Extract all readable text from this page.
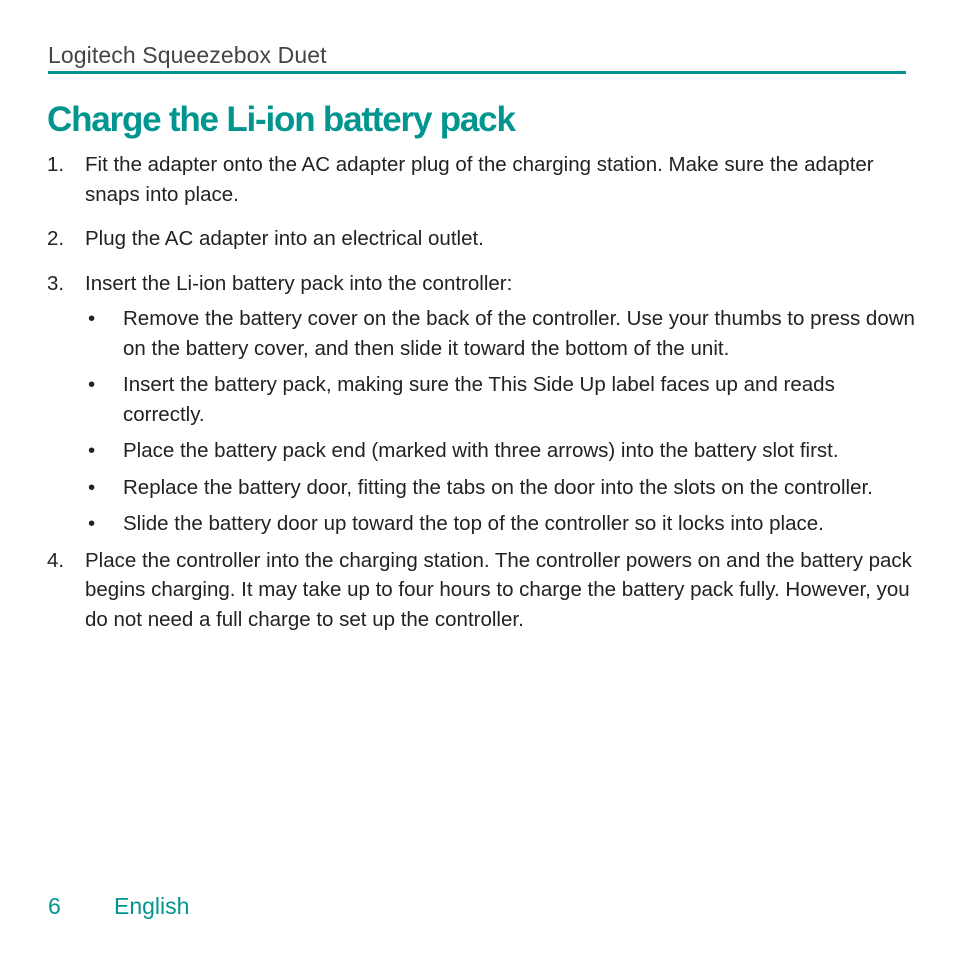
Logitech Squeezebox Duet
Charge the Li-ion battery pack
1. Fit the adapter onto the AC adapter plug of the charging station. Make sure the adapter snaps into place.
2. Plug the AC adapter into an electrical outlet.
3. Insert the Li-ion battery pack into the controller:
• Remove the battery cover on the back of the controller. Use your thumbs to press down on the battery cover, and then slide it toward the bottom of the unit.
• Insert the battery pack, making sure the This Side Up label faces up and reads correctly.
• Place the battery pack end (marked with three arrows) into the battery slot first.
• Replace the battery door, fitting the tabs on the door into the slots on the controller.
• Slide the battery door up toward the top of the controller so it locks into place.
4. Place the controller into the charging station. The controller powers on and the battery pack begins charging. It may take up to four hours to charge the battery pack fully. However, you do not need a full charge to set up the controller.
6 English
